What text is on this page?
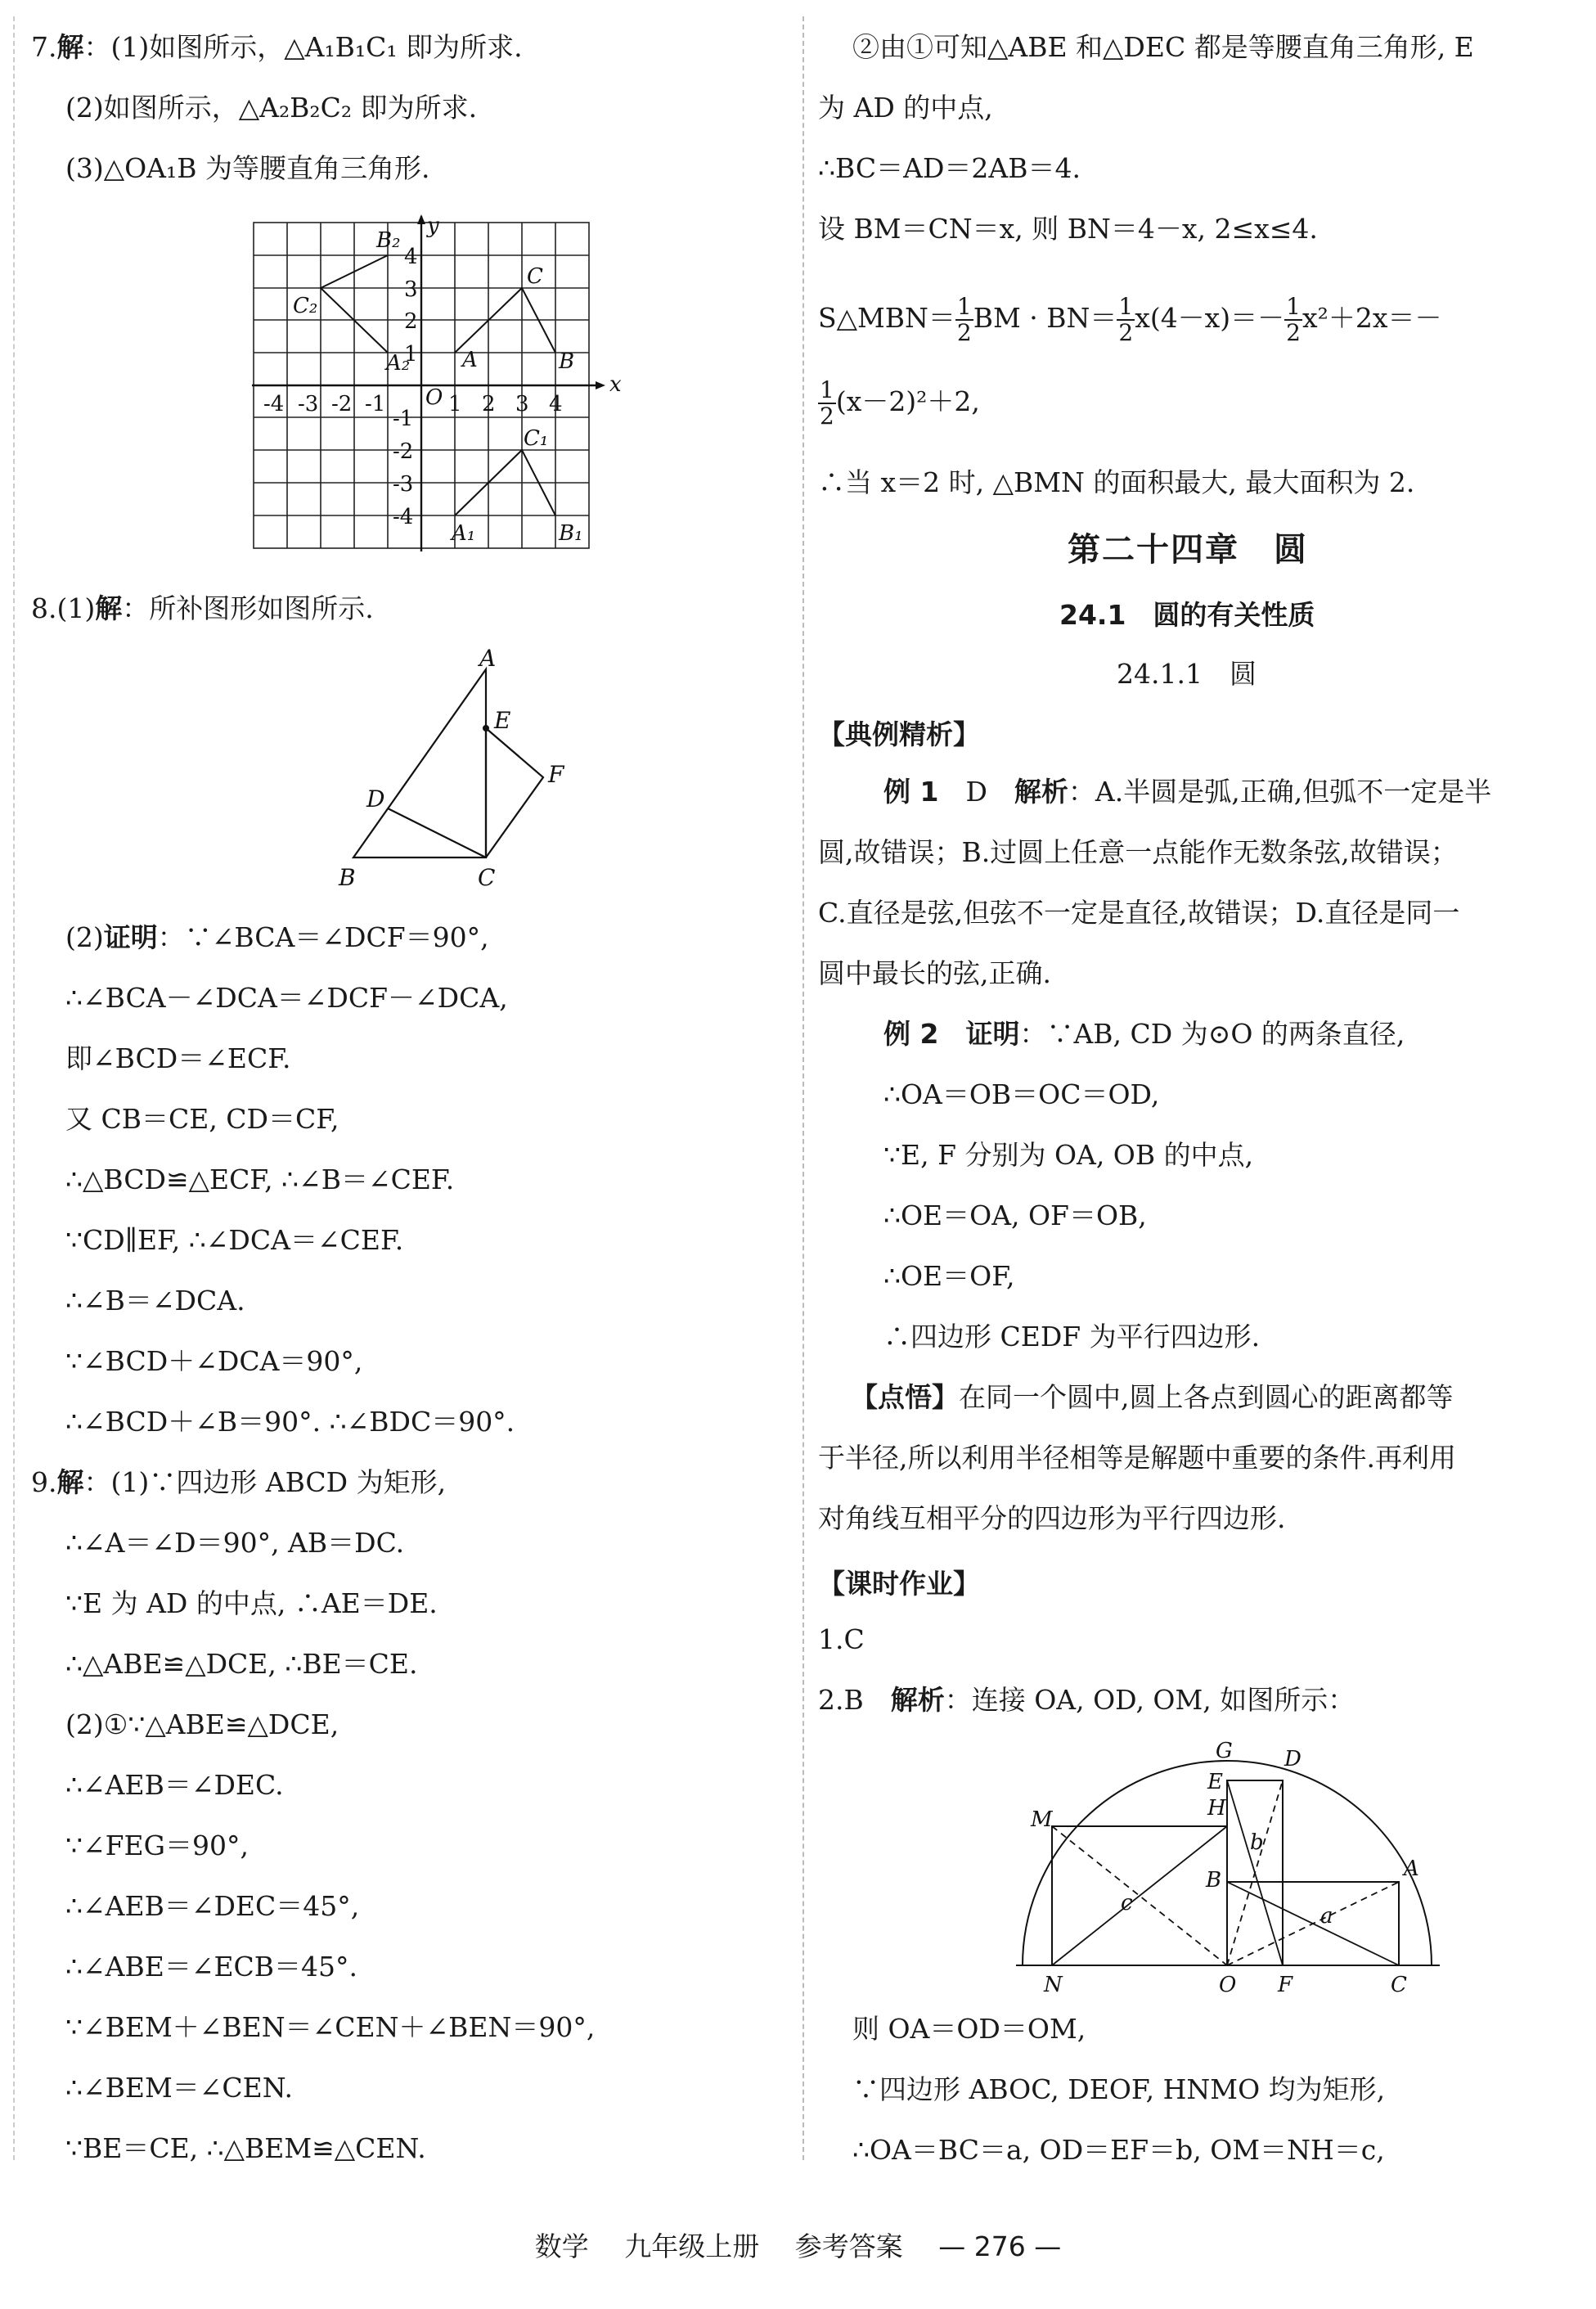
7.解：(1)如图所示，△A₁B₁C₁ 即为所求.
(2)如图所示，△A₂B₂C₂ 即为所求.
(3)△OA₁B 为等腰直角三角形.
x
y
O
A	B
C
A₁	B₁
C₁
A₂
B₂
C₂
-4 -3 -2 -1	1 2 3 4
4
3
2
1
-1
-2
-3
-4
8.(1)解：所补图形如图所示.
A
B	C
D
E
F
(2)证明：∵∠BCA＝∠DCF＝90°,
∴∠BCA－∠DCA＝∠DCF－∠DCA,
即∠BCD＝∠ECF.
又 CB＝CE, CD＝CF,
∴△BCD≌△ECF, ∴∠B＝∠CEF.
∵CD∥EF, ∴∠DCA＝∠CEF.
∴∠B＝∠DCA.
∵∠BCD＋∠DCA＝90°,
∴∠BCD＋∠B＝90°. ∴∠BDC＝90°.
9.解：(1)∵四边形 ABCD 为矩形,
∴∠A＝∠D＝90°, AB＝DC.
∵E 为 AD 的中点, ∴AE＝DE.
∴△ABE≌△DCE, ∴BE＝CE.
(2)①∵△ABE≌△DCE,
∴∠AEB＝∠DEC.
∵∠FEG＝90°,
∴∠AEB＝∠DEC＝45°,
∴∠ABE＝∠ECB＝45°.
∵∠BEM＋∠BEN＝∠CEN＋∠BEN＝90°,
∴∠BEM＝∠CEN.
∵BE＝CE, ∴△BEM≌△CEN.
②由①可知△ABE 和△DEC 都是等腰直角三角形, E
为 AD 的中点,
∴BC＝AD＝2AB＝4.
设 BM＝CN＝x, 则 BN＝4－x, 2≤x≤4.
S△MBN＝ $\frac{1}{2}$ BM · $BN= \frac{1}{2} x(4-x)=- \frac{1}{2} x^2+2x=-$
$\frac{1}{2} (x-2)^2+2$,
∴当 x＝2 时, △BMN 的面积最大, 最大面积为 2.
第二十四章　圆
24.1　圆的有关性质
24.1.1　圆
【典例精析】
例 1　 D　 解析：A.半圆是弧,正确,但弧不一定是半
圆,故错误；B.过圆上任意一点能作无数条弦,故错误；
C.直径是弦,但弦不一定是直径,故错误；D.直径是同一
圆中最长的弦,正确.
例 2　 证明：∵AB, CD 为⊙O 的两条直径,
∴OA＝OB＝OC＝OD,
∵E, F 分别为 OA, OB 的中点,
∴OE＝OA, OF＝OB,
∴OE＝OF,
∴四边形 CEDF 为平行四边形.
【点悟】在同一个圆中,圆上各点到圆心的距离都等
于半径,所以利用半径相等是解题中重要的条件.再利用
对角线互相平分的四边形为平行四边形.
【课时作业】
1.C
2.B　 解析：连接 OA, OD, OM, 如图所示：
G D
E
H
M
A
B
b
c
a
N	O F	C
则 OA＝OD＝OM,
∵四边形 ABOC, DEOF, HNMO 均为矩形,
∴OA＝BC＝a, OD＝EF＝b, OM＝NH＝c,
数学　 九年级上册　 参考答案　 — 276 —
